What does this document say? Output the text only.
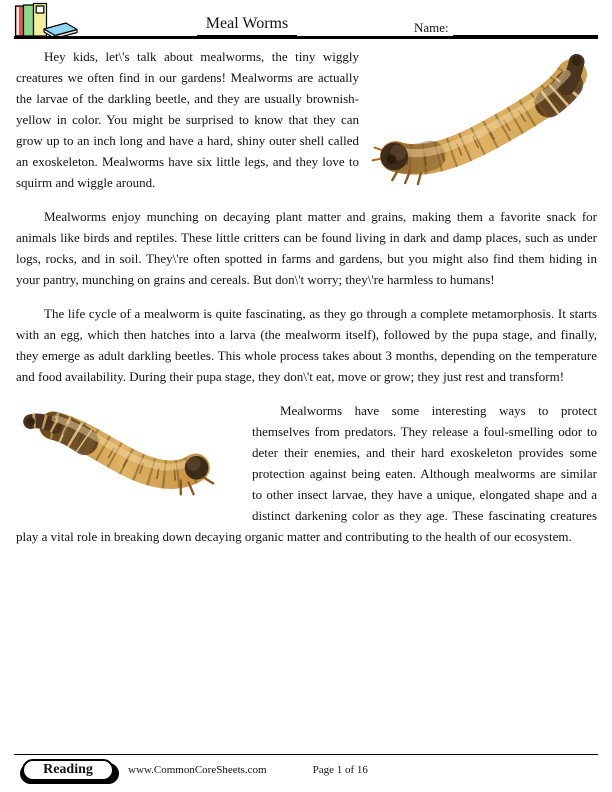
Meal Worms	Name:

Hey kids, let\'s talk about mealworms, the tiny wiggly creatures we often find in our gardens! Mealworms are actually the larvae of the darkling beetle, and they are usually brownish-yellow in color. You might be surprised to know that they can grow up to an inch long and have a hard, shiny outer shell called an exoskeleton. Mealworms have six little legs, and they love to squirm and wiggle around.

Mealworms enjoy munching on decaying plant matter and grains, making them a favorite snack for animals like birds and reptiles. These little critters can be found living in dark and damp places, such as under logs, rocks, and in soil. They\'re often spotted in farms and gardens, but you might also find them hiding in your pantry, munching on grains and cereals. But don\'t worry; they\'re harmless to humans!

The life cycle of a mealworm is quite fascinating, as they go through a complete metamorphosis. It starts with an egg, which then hatches into a larva (the mealworm itself), followed by the pupa stage, and finally, they emerge as adult darkling beetles. This whole process takes about 3 months, depending on the temperature and food availability. During their pupa stage, they don\'t eat, move or grow; they just rest and transform!

Mealworms have some interesting ways to protect themselves from predators. They release a foul-smelling odor to deter their enemies, and their hard exoskeleton provides some protection against being eaten. Although mealworms are similar to other insect larvae, they have a unique, elongated shape and a distinct darkening color as they age. These fascinating creatures play a vital role in breaking down decaying organic matter and contributing to the health of our ecosystem.

Reading	www.CommonCoreSheets.com	Page 1 of 16
